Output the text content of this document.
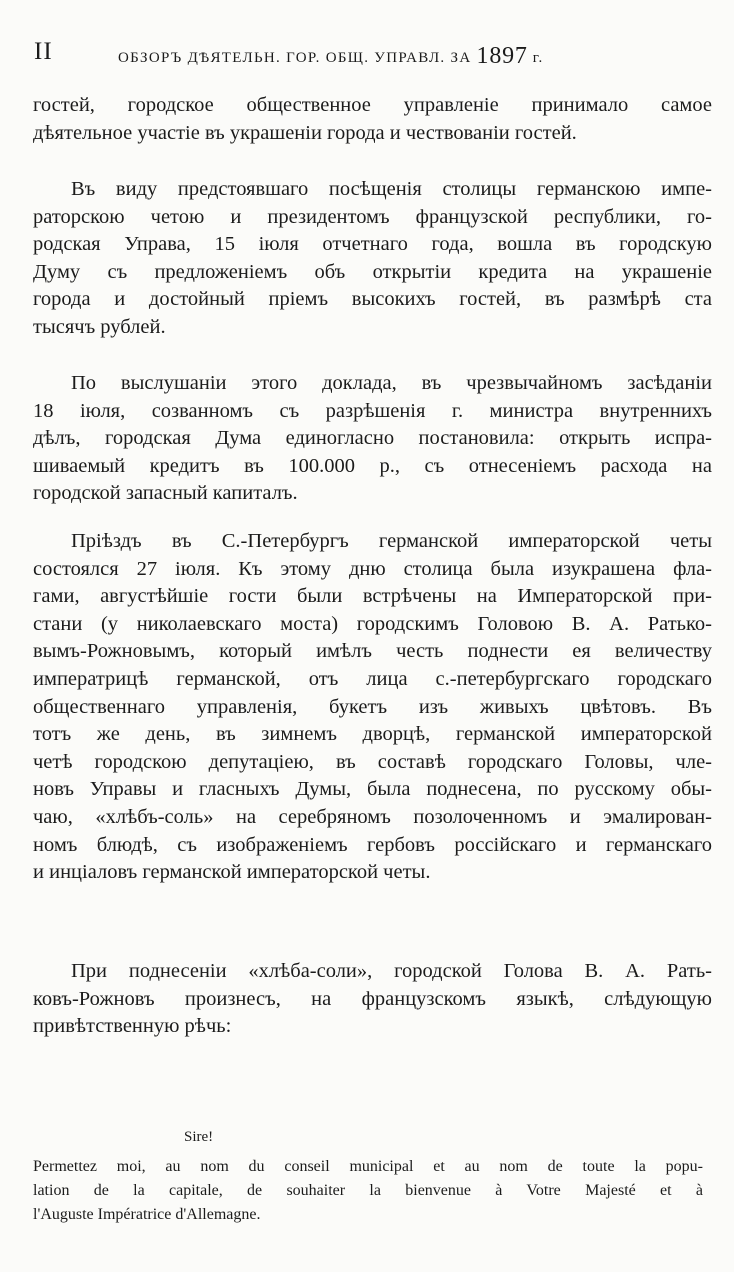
II	ОБЗОРЪ ДѢЯТЕЛЬН. ГОР. ОБЩ. УПРАВЛ. ЗА 1897 г.
гостей, городское общественное управленіе принимало самое
дѣятельное участіе въ украшеніи города и чествованіи гостей.
Въ виду предстоявшаго посѣщенія столицы германскою импе-
раторскою четою и президентомъ французской республики, го-
родская Управа, 15 іюля отчетнаго года, вошла въ городскую
Думу съ предложеніемъ объ открытіи кредита на украшеніе
города и достойный пріемъ высокихъ гостей, въ размѣрѣ ста
тысячъ рублей.
По выслушаніи этого доклада, въ чрезвычайномъ засѣданіи
18 іюля, созванномъ съ разрѣшенія г. министра внутреннихъ
дѣлъ, городская Дума единогласно постановила: открыть испра-
шиваемый кредитъ въ 100.000 р., съ отнесеніемъ расхода на
городской запасный капиталъ.
Пріѣздъ въ С.-Петербургъ германской императорской четы
состоялся 27 іюля. Къ этому дню столица была изукрашена фла-
гами, августѣйшіе гости были встрѣчены на Императорской при-
стани (у николаевскаго моста) городскимъ Головою В. А. Ратько-
вымъ-Рожновымъ, который имѣлъ честь поднести ея величеству
императрицѣ германской, отъ лица с.-петербургскаго городскаго
общественнаго управленія, букетъ изъ живыхъ цвѣтовъ. Въ
тотъ же день, въ зимнемъ дворцѣ, германской императорской
четѣ городскою депутаціею, въ составѣ городскаго Головы, чле-
новъ Управы и гласныхъ Думы, была поднесена, по русскому обы-
чаю, «хлѣбъ-соль» на серебряномъ позолоченномъ и эмалирован-
номъ блюдѣ, съ изображеніемъ гербовъ россійскаго и германскаго
и инціаловъ германской императорской четы.
При поднесеніи «хлѣба-соли», городской Голова В. А. Рать-
ковъ-Рожновъ произнесъ, на французскомъ языкѣ, слѣдующую
привѣтственную рѣчь:
Sire!
Permettez moi, au nom du conseil municipal et au nom de toute la popu-
lation de la capitale, de souhaiter la bienvenue à Votre Majesté et à
l'Auguste Impératrice d'Allemagne.
